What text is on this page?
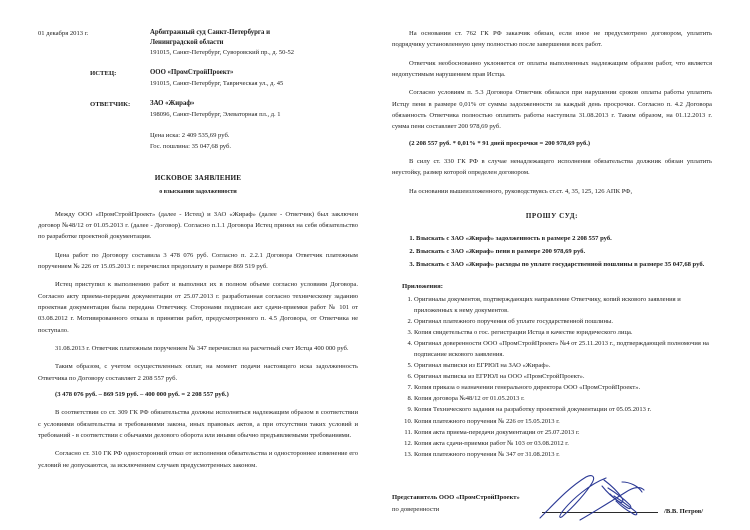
01 декабря 2013 г.	Арбитражный суд Санкт-Петербурга и
Ленинградской области
191015, Санкт-Петербург, Суворовский пр., д. 50-52
ИСТЕЦ:	ООО «ПромСтройПроект»
191015, Санкт-Петербург, Таврическая ул., д. 45
ОТВЕТЧИК:	ЗАО «Жираф»
198096, Санкт-Петербург, Элеваторная пл., д. 1
Цена иска: 2 409 535,69 руб.
Гос. пошлина: 35 047,68 руб.
ИСКОВОЕ ЗАЯВЛЕНИЕ
о взыскании задолженности

Между ООО «ПромСтройПроект» (далее - Истец) и ЗАО «Жираф» (далее - Ответчик) был заключен договор №48/12 от 01.05.2013 г. (далее - Договор). Согласно п.1.1 Договора Истец принял на себя обязательство по разработке проектной документации.

Цена работ по Договору составила 3 478 076 руб. Согласно п. 2.2.1 Договора Ответчик платежным поручением № 226 от 15.05.2013 г. перечислил предоплату в размере 869 519 руб.

Истец приступил к выполнению работ и выполнил их в полном объеме согласно условиям Договора. Согласно акту приема-передачи документации от 25.07.2013 г. разработанная согласно техническому заданию проектная документация была передана Ответчику. Сторонами подписан акт сдачи-приемки работ № 101 от 03.08.2012 г. Мотивированного отказа в принятии работ, предусмотренного п. 4.5 Договора, от Ответчика не поступало.

31.08.2013 г. Ответчик платежным поручением № 347 перечислил на расчетный счет Истца 400 000 руб.

Таким образом, с учетом осуществленных оплат, на момент подачи настоящего иска задолженность Ответчика по Договору составляет 2 208 557 руб.

(3 478 076 руб. – 869 519 руб. – 400 000 руб. = 2 208 557 руб.)

В соответствии со ст. 309 ГК РФ обязательства должны исполняться надлежащим образом в соответствии с условиями обязательства и требованиями закона, иных правовых актов, а при отсутствии таких условий и требований - в соответствии с обычаями делового оборота или иными обычно предъявляемыми требованиями.

Согласно ст. 310 ГК РФ односторонний отказ от исполнения обязательства и одностороннее изменение его условий не допускаются, за исключением случаев предусмотренных законом.

На основании ст. 762 ГК РФ заказчик обязан, если иное не предусмотрено договором, уплатить подрядчику установленную цену полностью после завершения всех работ.

Ответчик необоснованно уклоняется от оплаты выполненных надлежащим образом работ, что является недопустимым нарушением прав Истца.

Согласно условиям п. 5.3 Договора Ответчик обязался при нарушении сроков оплаты работы уплатить Истцу пени в размере 0,01% от суммы задолженности за каждый день просрочки. Согласно п. 4.2 Договора обязанность Ответчика полностью оплатить работы наступила 31.08.2013 г. Таким образом, на 01.12.2013 г. сумма пени составляет 200 978,69 руб.

(2 208 557 руб. * 0,01% * 91 дней просрочки = 200 978,69 руб.)

В силу ст. 330 ГК РФ в случае ненадлежащего исполнения обязательства должник обязан уплатить неустойку, размер которой определен договором.

На основании вышеизложенного, руководствуясь ст.ст. 4, 35, 125, 126 АПК РФ,

ПРОШУ СУД:
1. Взыскать с ЗАО «Жираф» задолженность в размере 2 208 557 руб.
2. Взыскать с ЗАО «Жираф» пени в размере 200 978,69 руб.
3. Взыскать с ЗАО «Жираф» расходы по уплате государственной пошлины в размере 35 047,68 руб.
Приложения:
1. Оригиналы документов, подтверждающих направление Ответчику, копий искового заявления и приложенных к нему документов.
2. Оригинал платежного поручения об уплате государственной пошлины.
3. Копия свидетельства о гос. регистрации Истца в качестве юридического лица.
4. Оригинал доверенности ООО «ПромСтройПроект» №4 от 25.11.2013 г., подтверждающей полномочия на подписание искового заявления.
5. Оригинал выписки из ЕГРЮЛ на ЗАО «Жираф».
6. Оригинал выписка из ЕГРЮЛ на ООО «ПромСтройПроект».
7. Копия приказа о назначении генерального директора ООО «ПромСтройПроект».
8. Копия договора №48/12 от 01.05.2013 г.
9. Копия Технического задания на разработку проектной документации от 05.05.2013 г.
10. Копия платежного поручения № 226 от 15.05.2013 г.
11. Копия акта приема-передачи документации от 25.07.2013 г.
12. Копия акта сдачи-приемки работ № 103 от 03.08.2012 г.
13. Копия платежного поручения № 347 от 31.08.2013 г.
Представитель ООО «ПромСтройПроект»
по доверенности	/В.В. Петров/
